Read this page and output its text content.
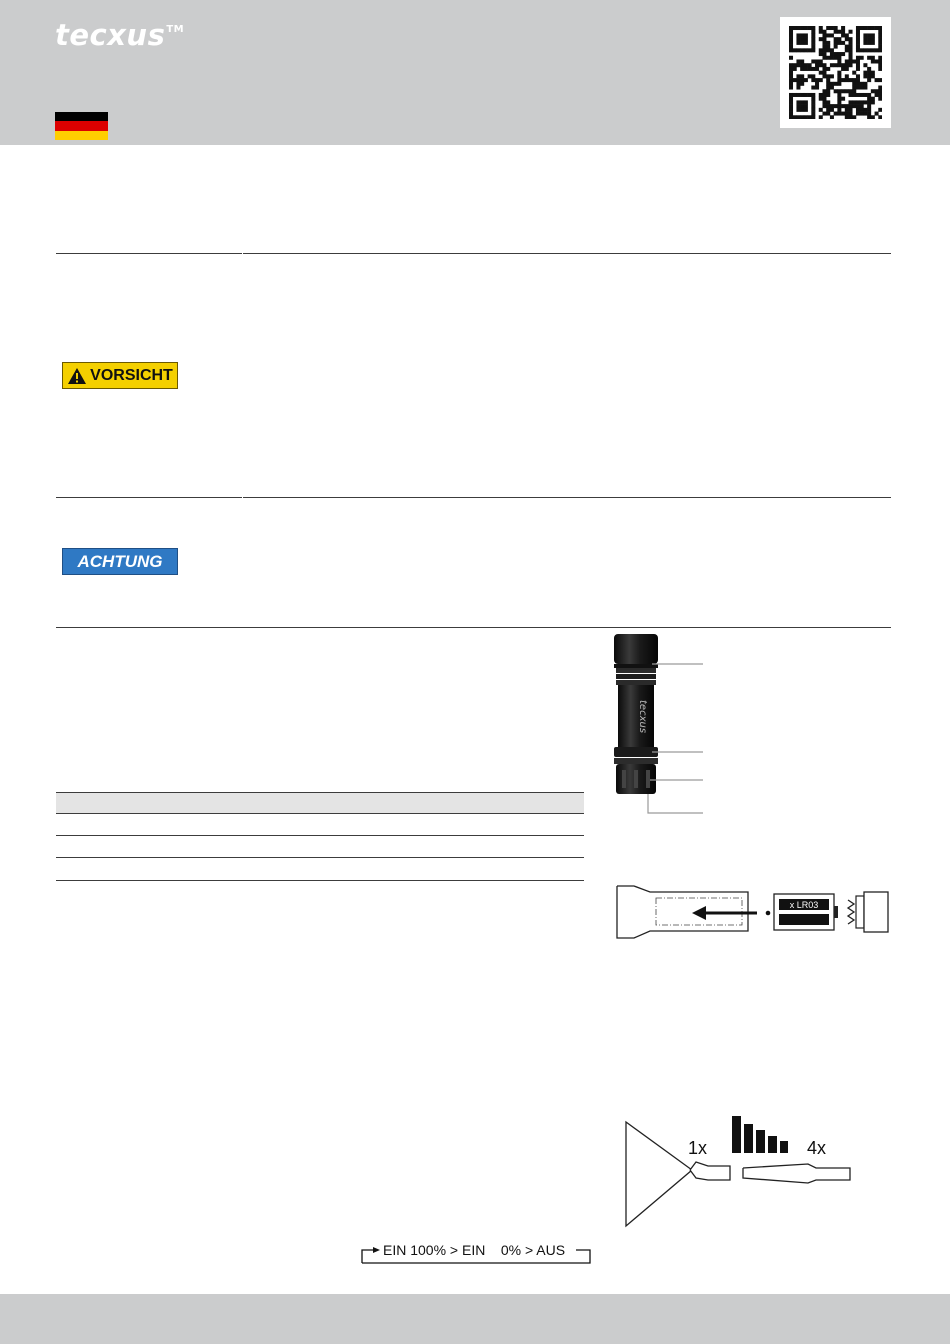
tecxus™
VORSICHT
ACHTUNG
tecxus
x LR03
1x	4x
EIN 100% > EIN    0% > AUS
